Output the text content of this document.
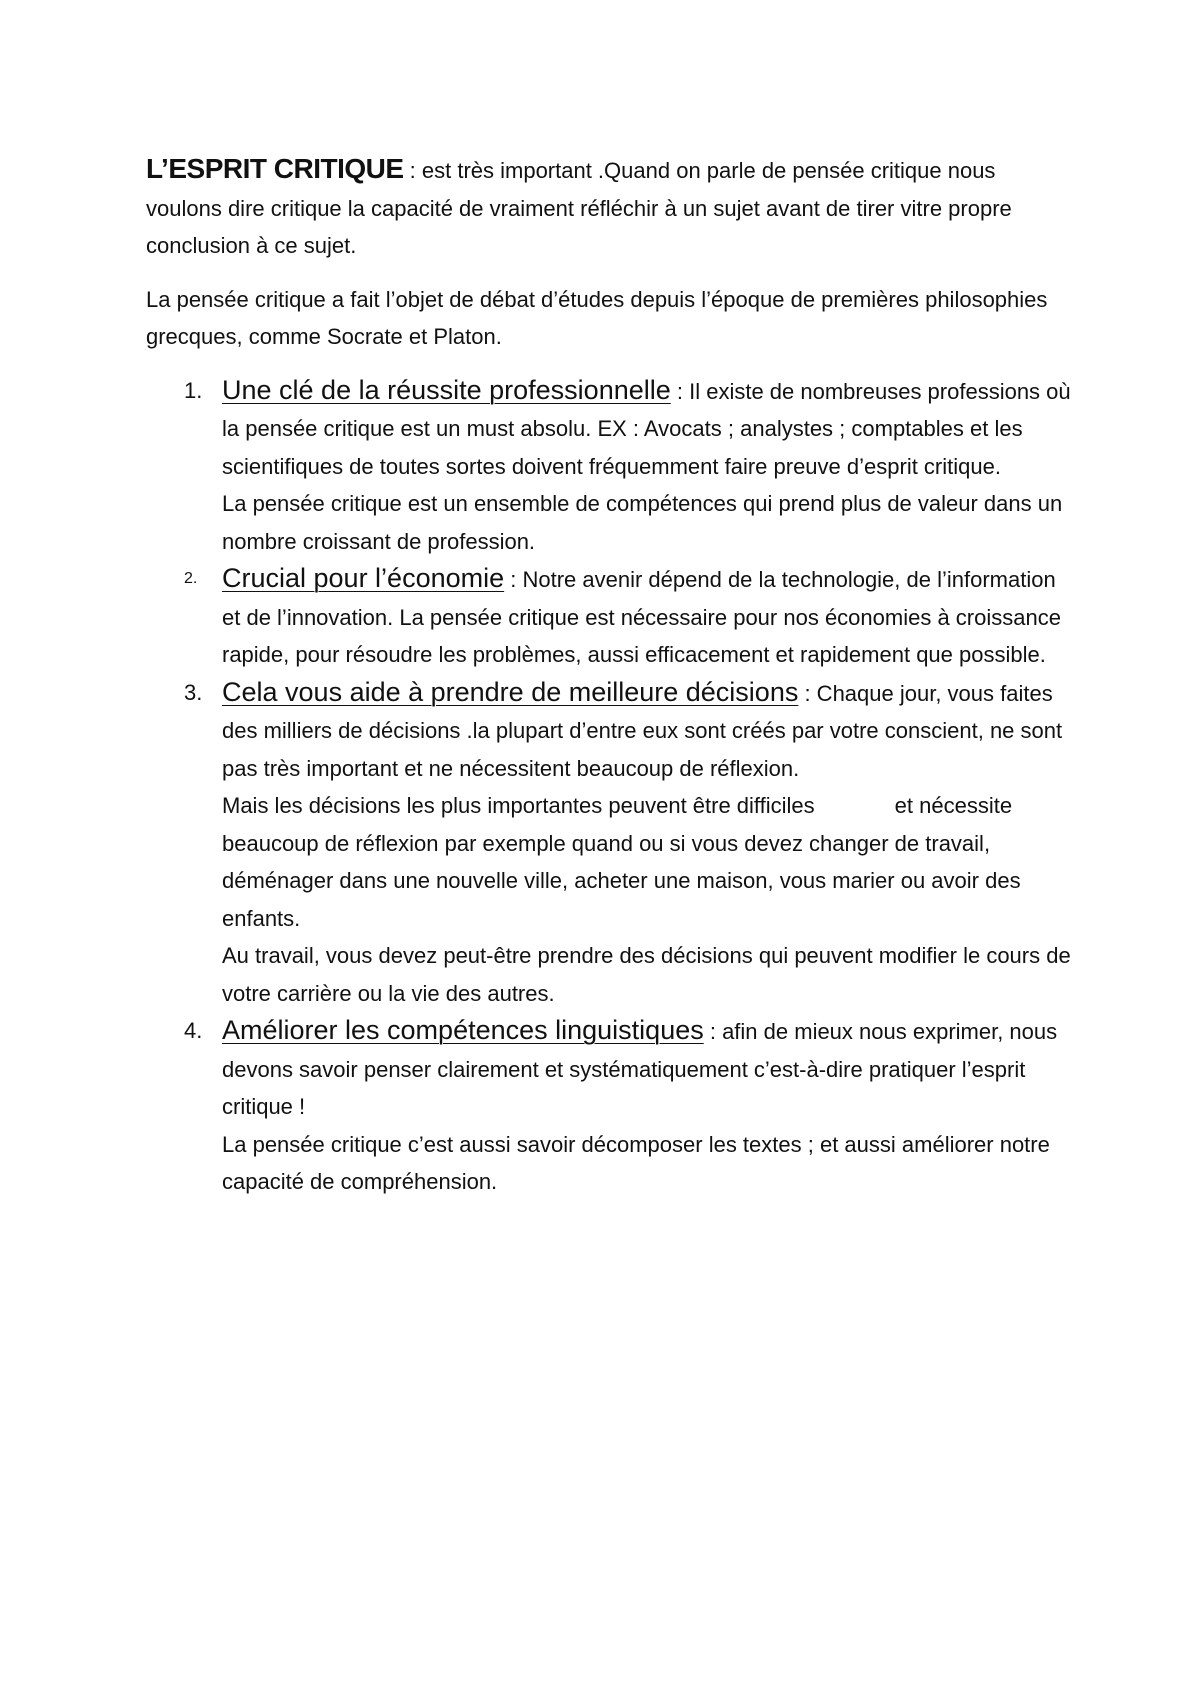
L’ESPRIT CRITIQUE : est très important .Quand on parle de pensée critique nous voulons dire critique la capacité de vraiment réfléchir à un sujet avant de tirer vitre propre conclusion à ce sujet.

La pensée critique a fait l’objet de débat d’études depuis l’époque de premières philosophies grecques, comme Socrate et Platon.

1. Une clé de la réussite professionnelle : Il existe de nombreuses professions où la pensée critique est un must absolu. EX : Avocats ; analystes ; comptables et les scientifiques de toutes sortes doivent fréquemment faire preuve d’esprit critique.
La pensée critique est un ensemble de compétences qui prend plus de valeur dans un nombre croissant de profession.
2. Crucial pour l’économie : Notre avenir dépend de la technologie, de l’information et de l’innovation. La pensée critique est nécessaire pour nos économies à croissance rapide, pour résoudre les problèmes, aussi efficacement et rapidement que possible.
3. Cela vous aide à prendre de meilleure décisions : Chaque jour, vous faites des milliers de décisions .la plupart d’entre eux sont créés par votre conscient, ne sont pas très important et ne nécessitent beaucoup de réflexion.
Mais les décisions les plus importantes peuvent être difficiles	et nécessite beaucoup de réflexion par exemple quand ou si vous devez changer de travail, déménager dans une nouvelle ville, acheter une maison, vous marier ou avoir des enfants.
Au travail, vous devez peut-être prendre des décisions qui peuvent modifier le cours de votre carrière ou la vie des autres.
4. Améliorer les compétences linguistiques : afin de mieux nous exprimer, nous devons savoir penser clairement et systématiquement c’est-à-dire pratiquer l’esprit critique !
La pensée critique c’est aussi savoir décomposer les textes ; et aussi améliorer notre capacité de compréhension.
